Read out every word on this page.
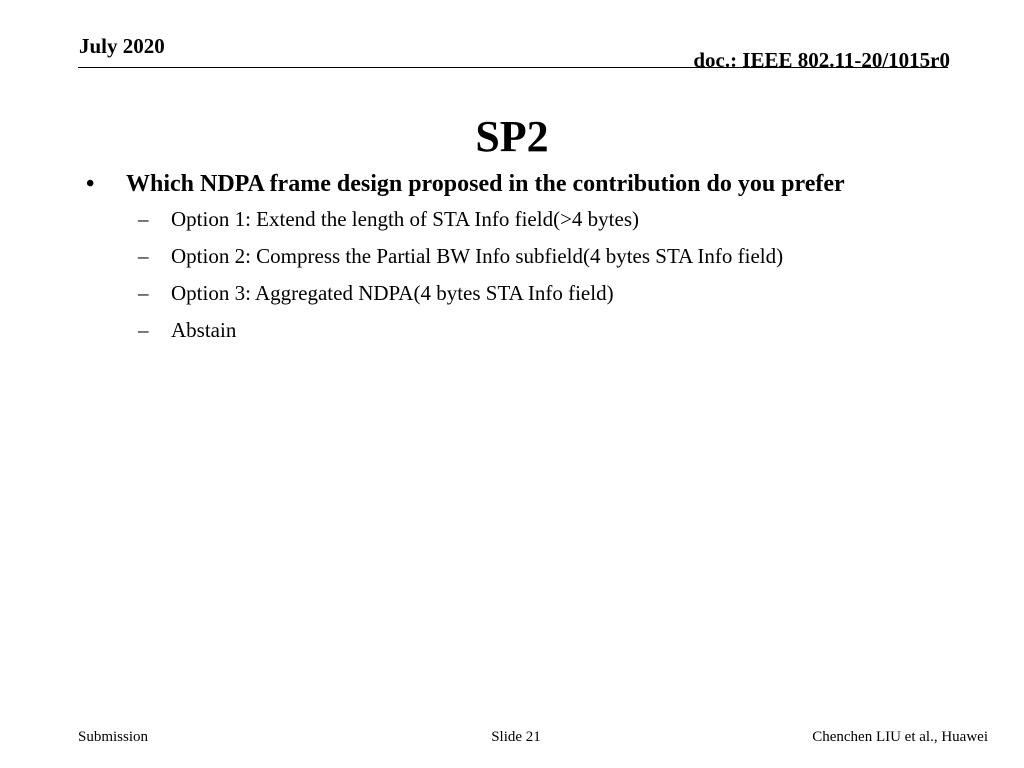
July 2020
doc.: IEEE 802.11-20/1015r0
SP2
•	Which NDPA frame design proposed in the contribution do you prefer
–	Option 1: Extend the length of STA Info field(>4 bytes)
–	Option 2: Compress the Partial BW Info subfield(4 bytes STA Info field)
–	Option 3: Aggregated NDPA(4 bytes STA Info field)
–	Abstain
Submission	Slide 21	Chenchen LIU et al., Huawei
